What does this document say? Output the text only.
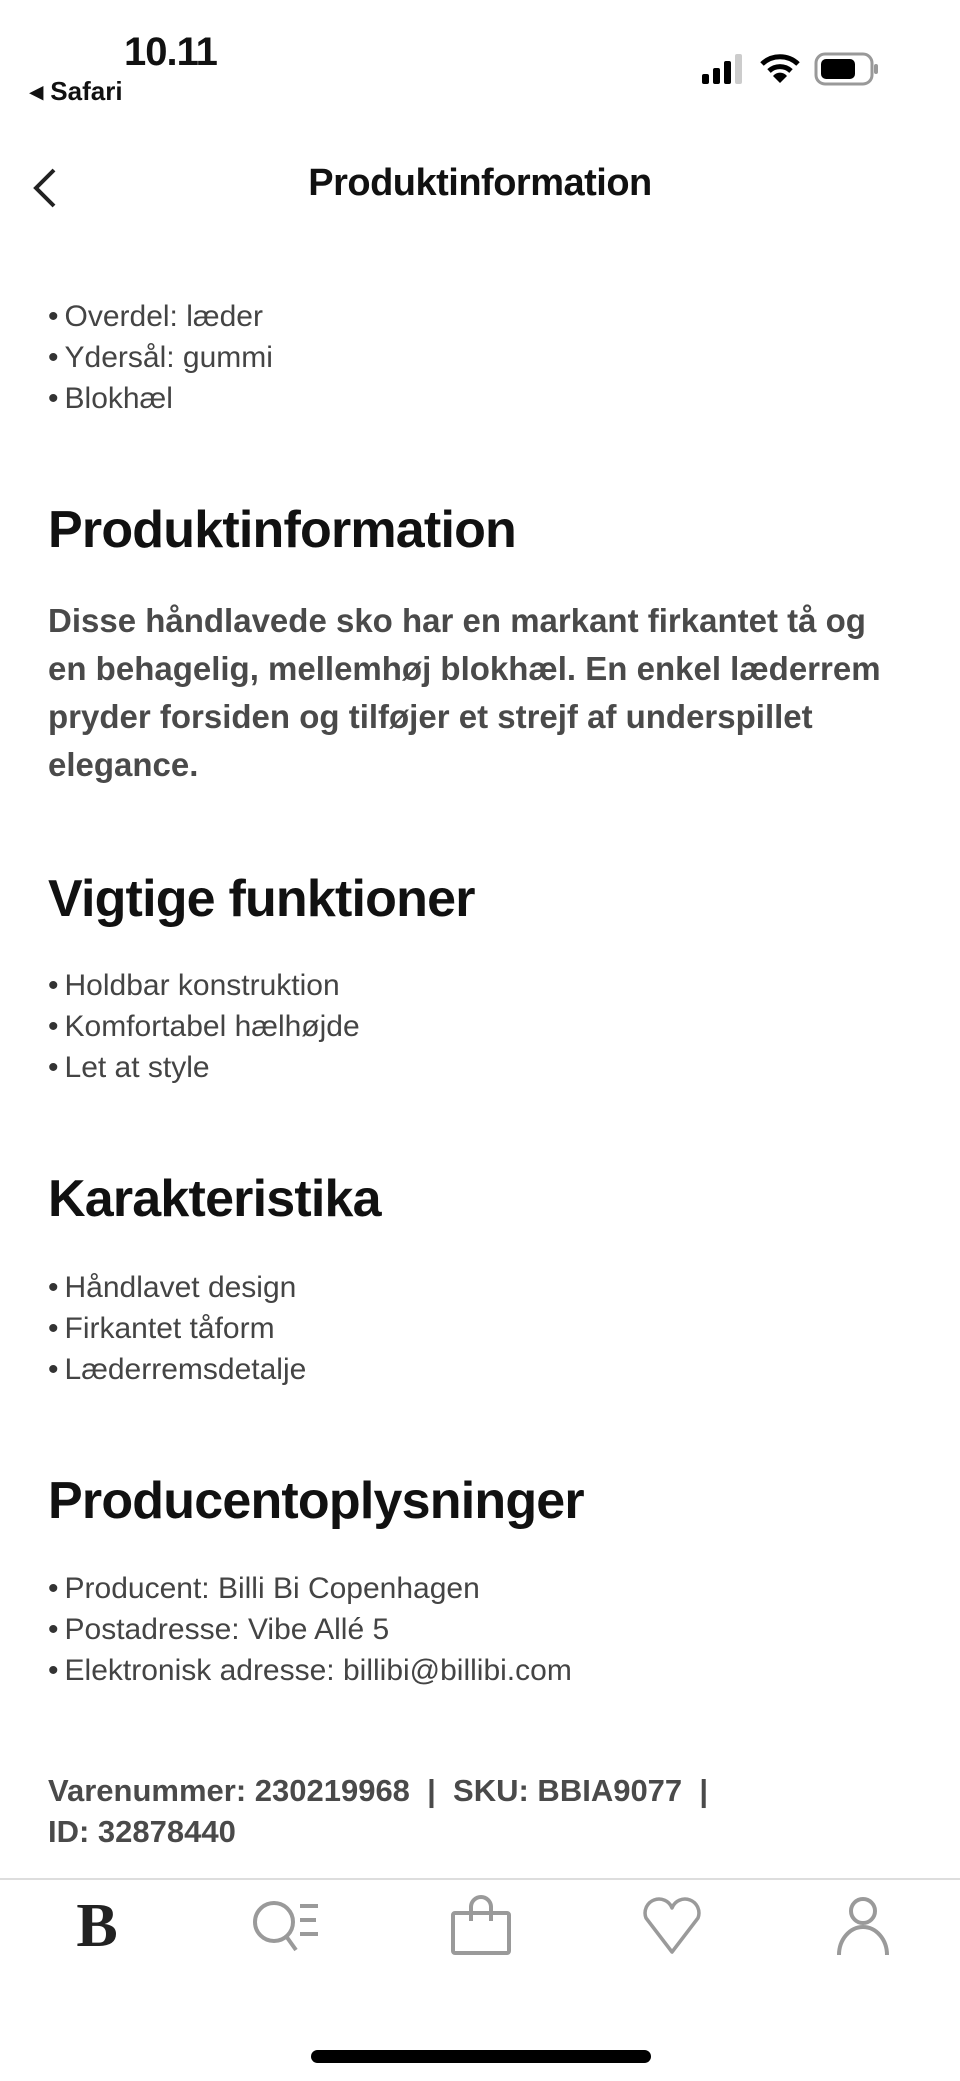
10.11
◂ Safari
Produktinformation
• Overdel: læder
• Ydersål: gummi
• Blokhæl
Produktinformation
Disse håndlavede sko har en markant firkantet tå og en behagelig, mellemhøj blokhæl. En enkel læderrem pryder forsiden og tilføjer et strejf af underspillet elegance.
Vigtige funktioner
• Holdbar konstruktion
• Komfortabel hælhøjde
• Let at style
Karakteristika
• Håndlavet design
• Firkantet tåform
• Læderremsdetalje
Producentoplysninger
• Producent: Billi Bi Copenhagen
• Postadresse: Vibe Allé 5
• Elektronisk adresse: billibi@billibi.com
Varenummer: 230219968  |  SKU: BBIA9077  |
ID: 32878440
B
